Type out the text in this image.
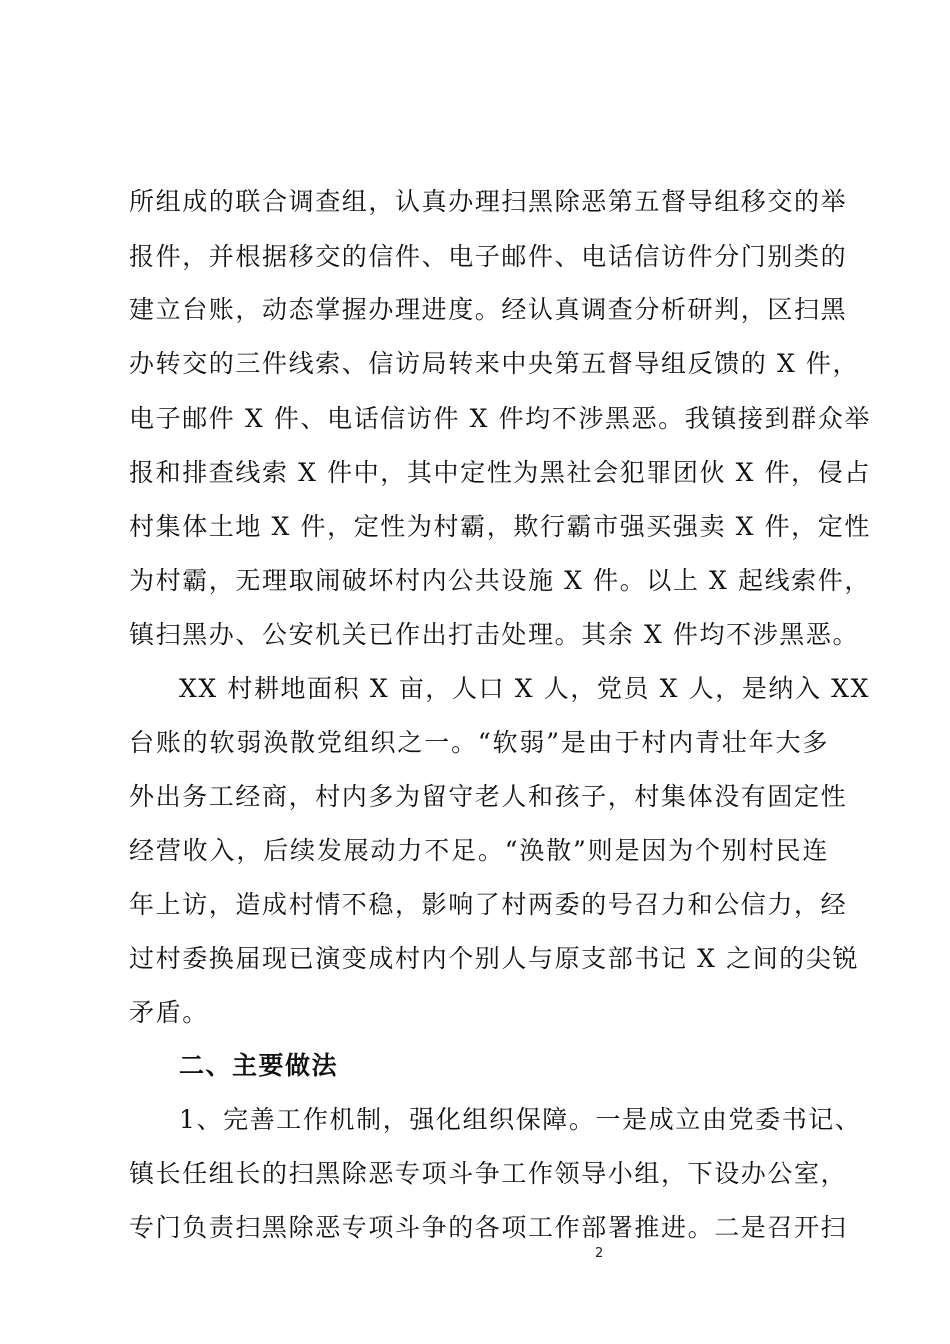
所组成的联合调查组，认真办理扫黑除恶第五督导组移交的举
报件，并根据移交的信件、电子邮件、电话信访件分门别类的
建立台账，动态掌握办理进度。经认真调查分析研判，区扫黑
办转交的三件线索、信访局转来中央第五督导组反馈的 X 件，
电子邮件 X 件、电话信访件 X 件均不涉黑恶。我镇接到群众举
报和排查线索 X 件中，其中定性为黑社会犯罪团伙 X 件，侵占
村集体土地 X 件，定性为村霸，欺行霸市强买强卖 X 件，定性
为村霸，无理取闹破坏村内公共设施 X 件。以上 X 起线索件，
镇扫黑办、公安机关已作出打击处理。其余 X 件均不涉黑恶。
XX 村耕地面积 X 亩，人口 X 人，党员 X 人，是纳入 XX
台账的软弱涣散党组织之一。“软弱”是由于村内青壮年大多
外出务工经商，村内多为留守老人和孩子，村集体没有固定性
经营收入，后续发展动力不足。“涣散”则是因为个别村民连
年上访，造成村情不稳，影响了村两委的号召力和公信力，经
过村委换届现已演变成村内个别人与原支部书记 X 之间的尖锐
矛盾。
二、主要做法
1、完善工作机制，强化组织保障。一是成立由党委书记、
镇长任组长的扫黑除恶专项斗争工作领导小组，下设办公室，
专门负责扫黑除恶专项斗争的各项工作部署推进。二是召开扫
2
